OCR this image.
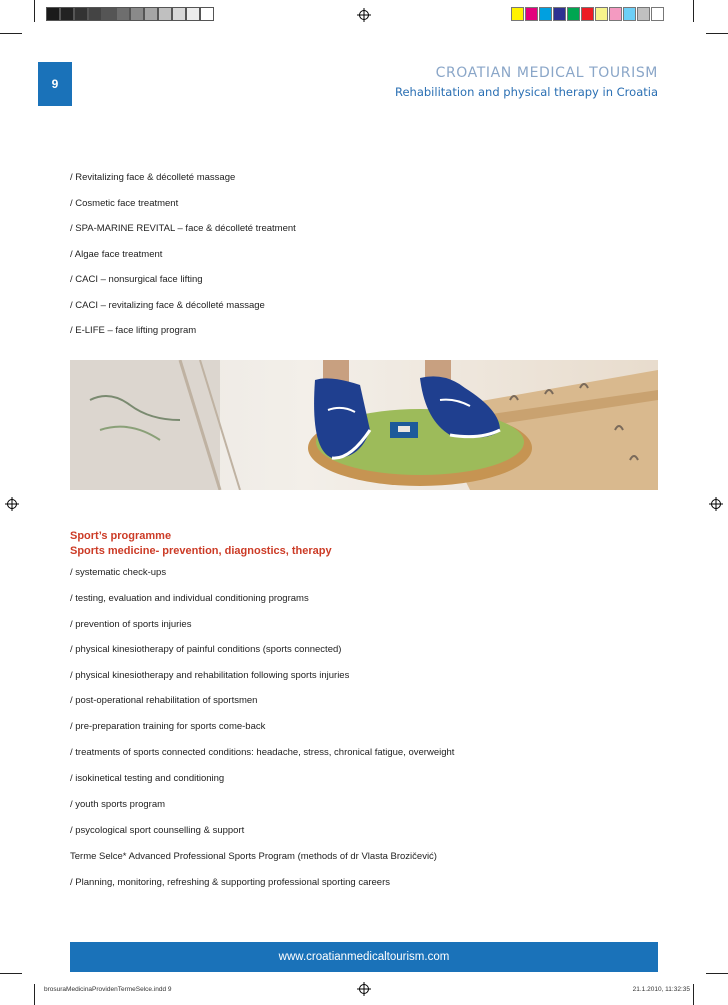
9
CROATIAN MEDICAL TOURISM
Rehabilitation and physical therapy in Croatia
/ Revitalizing face & décolleté massage
/ Cosmetic face treatment
/ SPA-MARINE REVITAL – face & décolleté treatment
/ Algae face treatment
/ CACI – nonsurgical face lifting
/ CACI – revitalizing face & décolleté massage
/ E-LIFE – face lifting program
Sport’s programme
Sports medicine- prevention, diagnostics, therapy
/ systematic check-ups
/ testing, evaluation and individual conditioning programs
/ prevention of sports injuries
/ physical kinesiotherapy of painful conditions (sports connected)
/ physical kinesiotherapy and rehabilitation following sports injuries
/ post-operational rehabilitation of sportsmen
/ pre-preparation training for sports come-back
/ treatments of sports connected conditions: headache, stress, chronical fatigue, overweight
/ isokinetical testing and conditioning
/ youth sports program
/ psycological sport counselling & support
Terme Selce* Advanced Professional Sports Program (methods of dr Vlasta Brozičević)
/ Planning, monitoring, refreshing & supporting professional sporting careers
www.croatianmedicaltourism.com
brosuraMedicinaProvidenTermeSelce.indd 9	21.1.2010, 11:32:35
